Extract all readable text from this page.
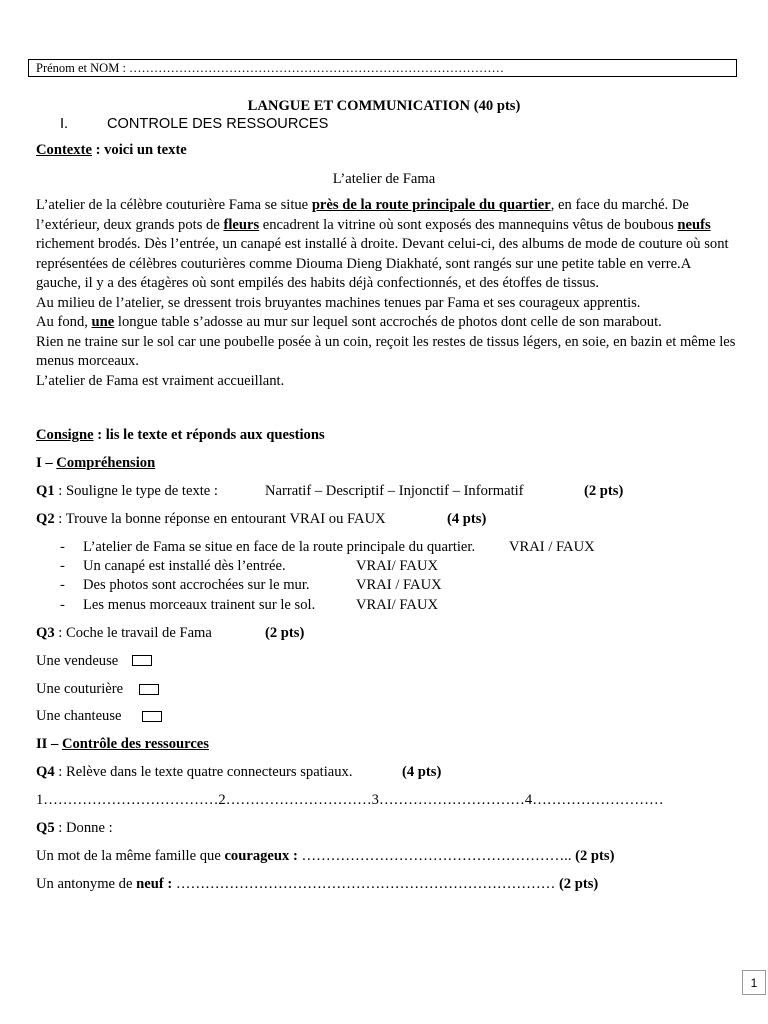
Prénom et NOM : ………………………………………………………………………………
LANGUE ET COMMUNICATION (40 pts)
I.	CONTROLE DES RESSOURCES
Contexte : voici un texte
L’atelier de Fama

L’atelier de la célèbre couturière Fama se situe près de la route principale du quartier, en face du marché. De l’extérieur, deux grands pots de fleurs encadrent la vitrine où sont exposés des mannequins vêtus de boubous neufs richement brodés. Dès l’entrée, un canapé est installé à droite. Devant celui-ci, des albums de mode de couture où sont représentées de célèbres couturières comme Diouma Dieng Diakhaté, sont rangés sur une petite table en verre.A gauche, il y a des étagères où sont empilés des habits déjà confectionnés, et des étoffes de tissus.

Au milieu de l’atelier, se dressent trois bruyantes machines tenues par Fama et ses courageux apprentis.

Au fond, une longue table s’adosse au mur sur lequel sont accrochés de photos dont celle de son marabout.

Rien ne traine sur le sol car une poubelle posée à un coin, reçoit les restes de tissus légers, en soie, en bazin et même les menus morceaux.

L’atelier de Fama est vraiment accueillant.

Consigne : lis le texte et réponds aux questions
I – Compréhension
Q1 : Souligne le type de texte :	Narratif – Descriptif – Injonctif – Informatif	(2 pts)
Q2 : Trouve la bonne réponse en entourant VRAI ou FAUX	(4 pts)
- L’atelier de Fama se situe en face de la route principale du quartier. VRAI / FAUX
- Un canapé est installé dès l’entrée.	VRAI/ FAUX
- Des photos sont accrochées sur le mur.	VRAI / FAUX
- Les menus morceaux trainent sur le sol.	VRAI/ FAUX
Q3 : Coche le travail de Fama	(2 pts)
Une vendeuse
Une couturière
Une chanteuse
II – Contrôle des ressources
Q4 : Relève dans le texte quatre connecteurs spatiaux.	(4 pts)
1………………………………2…………………………3…………………………4………………………
Q5 : Donne :
Un mot de la même famille que courageux : ……………………………………………….. (2 pts)
Un antonyme de neuf : …………………………………………………………………… (2 pts)
1
